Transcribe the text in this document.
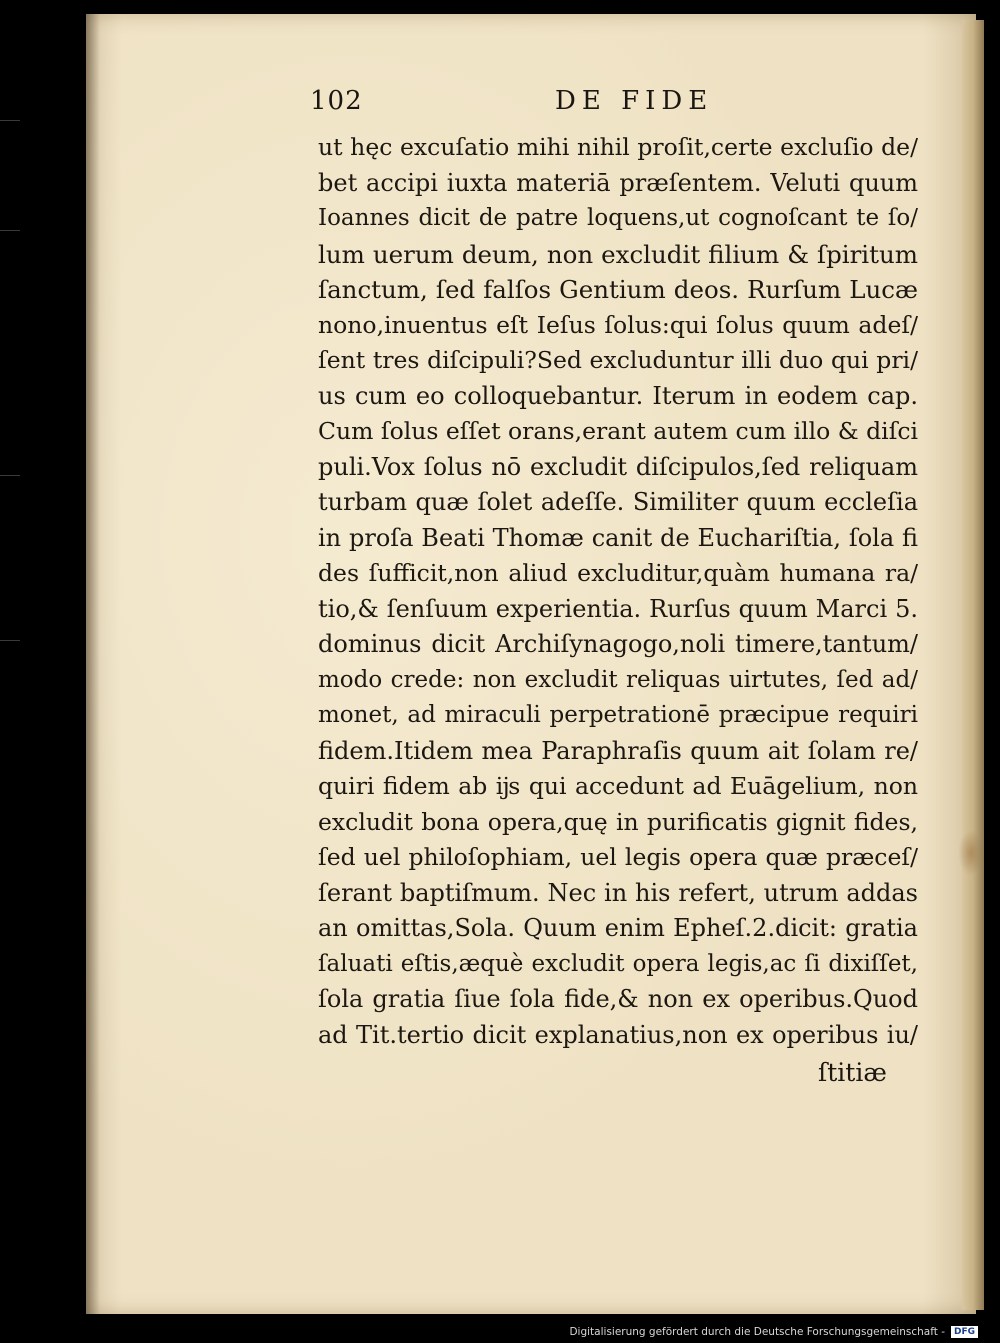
102	DE FIDE
ut hęc excuſatio mihi nihil proſit,certe excluſio de/
bet accipi iuxta materiā præſentem. Veluti quum
Ioannes dicit de patre loquens,ut cognoſcant te ſo/
lum uerum deum, non excludit filium & ſpiritum
ſanctum, ſed falſos Gentium deos. Rurſum Lucæ
nono,inuentus eſt Ieſus ſolus:qui ſolus quum adeſ/
ſent tres diſcipuli?Sed excluduntur illi duo qui pri/
us cum eo colloquebantur. Iterum in eodem cap.
Cum ſolus eſſet orans,erant autem cum illo & diſci
puli.Vox ſolus nō excludit diſcipulos,ſed reliquam
turbam quæ ſolet adeſſe. Similiter quum eccleſia
in proſa Beati Thomæ canit de Euchariſtia, ſola fi
des ſufficit,non aliud excluditur,quàm humana ra/
tio,& ſenſuum experientia. Rurſus quum Marci 5.
dominus dicit Archiſynagogo,noli timere,tantum/
modo crede: non excludit reliquas uirtutes, ſed ad/
monet, ad miraculi perpetrationē præcipue requiri
fidem.Itidem mea Paraphraſis quum ait ſolam re/
quiri fidem ab ĳs qui accedunt ad Euāgelium, non
excludit bona opera,quę in purificatis gignit fides,
ſed uel philoſophiam, uel legis opera quæ præceſ/
ſerant baptiſmum. Nec in his refert, utrum addas
an omittas,Sola. Quum enim Epheſ.2.dicit: gratia
ſaluati eſtis,æquè excludit opera legis,ac ſi dixiſſet,
ſola gratia ſiue ſola fide,& non ex operibus.Quod
ad Tit.tertio dicit explanatius,non ex operibus iu/
ſtitiæ
Digitalisierung gefördert durch die Deutsche Forschungsgemeinschaft -	DFG
